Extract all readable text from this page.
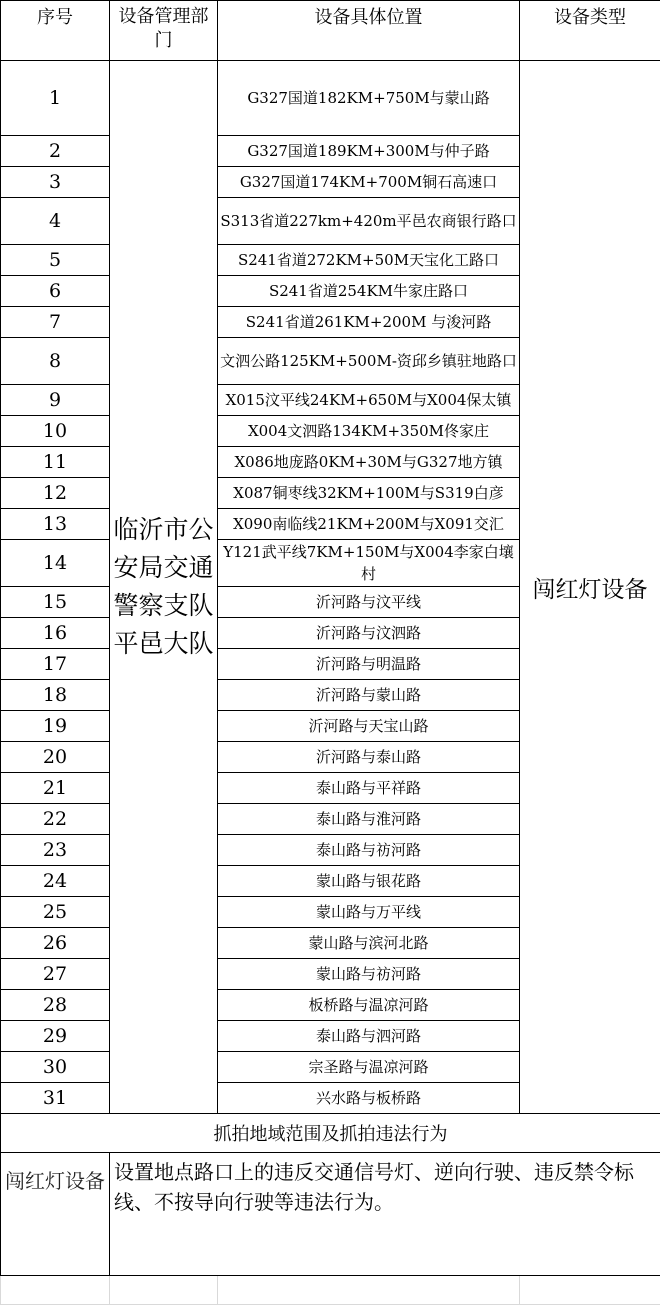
序号	设备管理部门	设备具体位置	设备类型
1	临沂市公安局交通警察支队平邑大队	G327国道182KM+750M与蒙山路	闯红灯设备
2		G327国道189KM+300M与仲子路	
3		G327国道174KM+700M铜石高速口	
4		S313省道227km+420m平邑农商银行路口	
5		S241省道272KM+50M天宝化工路口	
6		S241省道254KM牛家庄路口	
7		S241省道261KM+200M 与浚河路	
8		文泗公路125KM+500M-资邱乡镇驻地路口	
9		X015汶平线24KM+650M与X004保太镇	
10		X004文泗路134KM+350M佟家庄	
11		X086地庞路0KM+30M与G327地方镇	
12		X087铜枣线32KM+100M与S319白彦	
13		X090南临线21KM+200M与X091交汇	
14		Y121武平线7KM+150M与X004李家白壤村	
15		沂河路与汶平线	
16		沂河路与汶泗路	
17		沂河路与明温路	
18		沂河路与蒙山路	
19		沂河路与天宝山路	
20		沂河路与泰山路	
21		泰山路与平祥路	
22		泰山路与淮河路	
23		泰山路与祊河路	
24		蒙山路与银花路	
25		蒙山路与万平线	
26		蒙山路与滨河北路	
27		蒙山路与祊河路	
28		板桥路与温凉河路	
29		泰山路与泗河路	
30		宗圣路与温凉河路	
31		兴水路与板桥路	
抓拍地域范围及抓拍违法行为			

闯红灯设备	设置地点路口上的违反交通信号灯、逆向行驶、违反禁令标线、不按导向行驶等违法行为。		
